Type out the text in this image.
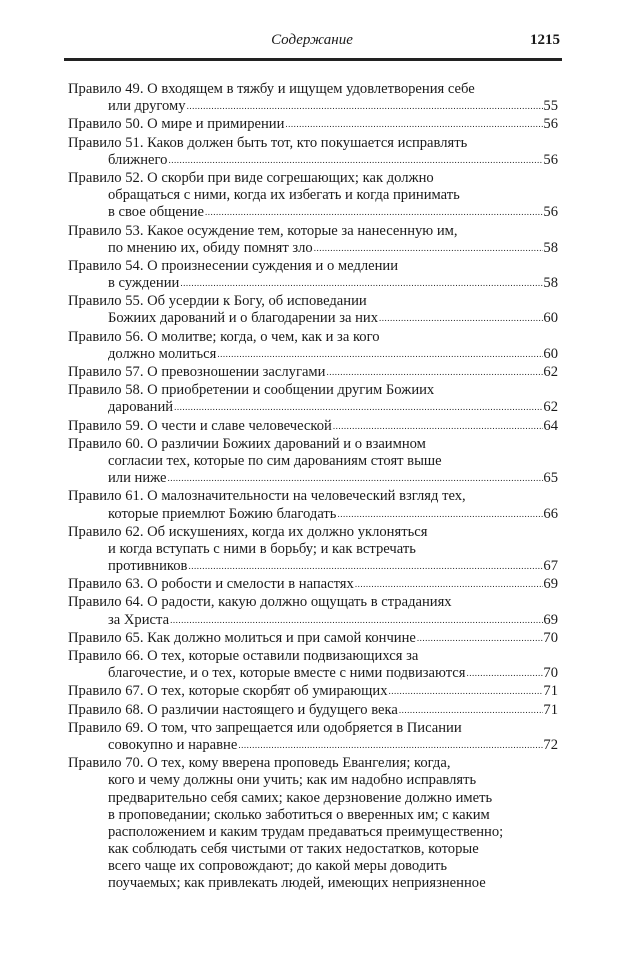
Содержание	1215
Правило 49. О входящем в тяжбу и ищущем удовлетворения себе
или другому .....	55
Правило 50. О мире и примирении .....	56
Правило 51. Каков должен быть тот, кто покушается исправлять
ближнего .....	56
Правило 52. О скорби при виде согрешающих; как должно
обращаться с ними, когда их избегать и когда принимать
в свое общение .....	56
Правило 53. Какое осуждение тем, которые за нанесенную им,
по мнению их, обиду помнят зло .....	58
Правило 54. О произнесении суждения и о медлении
в суждении .....	58
Правило 55. Об усердии к Богу, об исповедании
Божиих дарований и о благодарении за них .....	60
Правило 56. О молитве; когда, о чем, как и за кого
должно молиться .....	60
Правило 57. О превозношении заслугами .....	62
Правило 58. О приобретении и сообщении другим Божиих
дарований .....	62
Правило 59. О чести и славе человеческой .....	64
Правило 60. О различии Божиих дарований и о взаимном
согласии тех, которые по сим дарованиям стоят выше
или ниже .....	65
Правило 61. О малозначительности на человеческий взгляд тех,
которые приемлют Божию благодать .....	66
Правило 62. Об искушениях, когда их должно уклоняться
и когда вступать с ними в борьбу; и как встречать
противников .....	67
Правило 63. О робости и смелости в напастях .....	69
Правило 64. О радости, какую должно ощущать в страданиях
за Христа .....	69
Правило 65. Как должно молиться и при самой кончине .....	70
Правило 66. О тех, которые оставили подвизающихся за
благочестие, и о тех, которые вместе с ними подвизаются .....	70
Правило 67. О тех, которые скорбят об умирающих .....	71
Правило 68. О различии настоящего и будущего века .....	71
Правило 69. О том, что запрещается или одобряется в Писании
совокупно и наравне .....	72
Правило 70. О тех, кому вверена проповедь Евангелия; когда,
кого и чему должны они учить; как им надобно исправлять
предварительно себя самих; какое дерзновение должно иметь
в проповедании; сколько заботиться о вверенных им; с каким
расположением и каким трудам предаваться преимущественно;
как соблюдать себя чистыми от таких недостатков, которые
всего чаще их сопровождают; до какой меры доводить
поучаемых; как привлекать людей, имеющих неприязненное
